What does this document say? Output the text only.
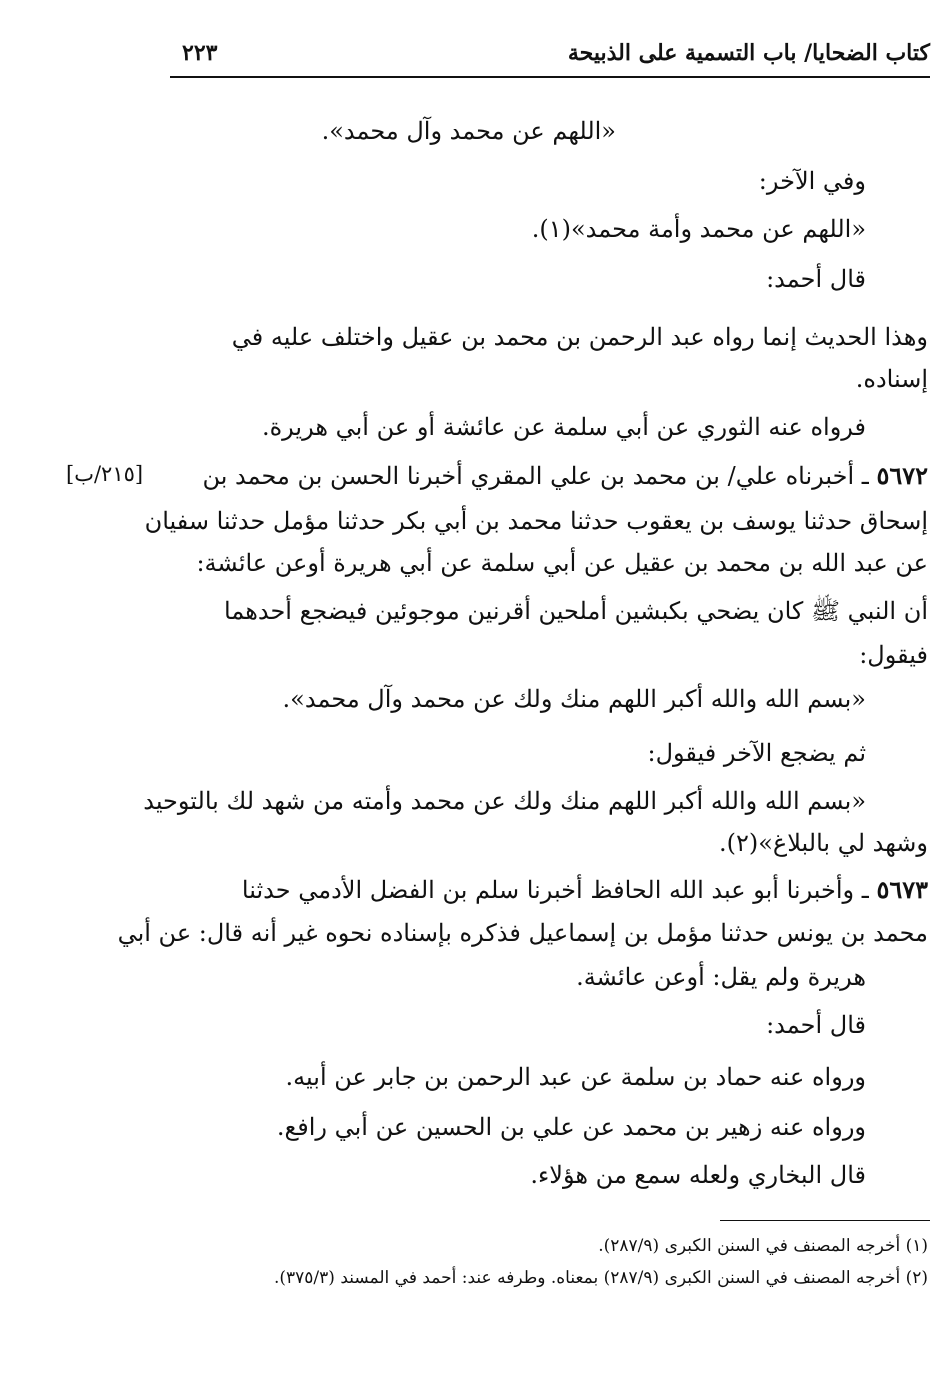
كتاب الضحايا/ باب التسمية على الذبيحة
٢٢٣
«اللهم عن محمد وآل محمد».
وفي الآخر:
«اللهم عن محمد وأمة محمد»(١).
قال أحمد:
وهذا الحديث إنما رواه عبد الرحمن بن محمد بن عقيل واختلف عليه في
إسناده.
فرواه عنه الثوري عن أبي سلمة عن عائشة أو عن أبي هريرة.
٥٦٧٢ ـ أخبرناه علي/ بن محمد بن علي المقري أخبرنا الحسن بن محمد بن
[٢١٥/ب]
إسحاق حدثنا يوسف بن يعقوب حدثنا محمد بن أبي بكر حدثنا مؤمل حدثنا سفيان
عن عبد الله بن محمد بن عقيل عن أبي سلمة عن أبي هريرة أوعن عائشة:
أن النبي ﷺ كان يضحي بكبشين أملحين أقرنين موجوئين فيضجع أحدهما
فيقول:
«بسم الله والله أكبر اللهم منك ولك عن محمد وآل محمد».
ثم يضجع الآخر فيقول:
«بسم الله والله أكبر اللهم منك ولك عن محمد وأمته من شهد لك بالتوحيد
وشهد لي بالبلاغ»(٢).
٥٦٧٣ ـ وأخبرنا أبو عبد الله الحافظ أخبرنا سلم بن الفضل الأدمي حدثنا
محمد بن يونس حدثنا مؤمل بن إسماعيل فذكره بإسناده نحوه غير أنه قال: عن أبي
هريرة ولم يقل: أوعن عائشة.
قال أحمد:
ورواه عنه حماد بن سلمة عن عبد الرحمن بن جابر عن أبيه.
ورواه عنه زهير بن محمد عن علي بن الحسين عن أبي رافع.
قال البخاري ولعله سمع من هؤلاء.
(١) أخرجه المصنف في السنن الكبرى (٢٨٧/٩).
(٢) أخرجه المصنف في السنن الكبرى (٢٨٧/٩) بمعناه. وطرفه عند: أحمد في المسند (٣٧٥/٣).
